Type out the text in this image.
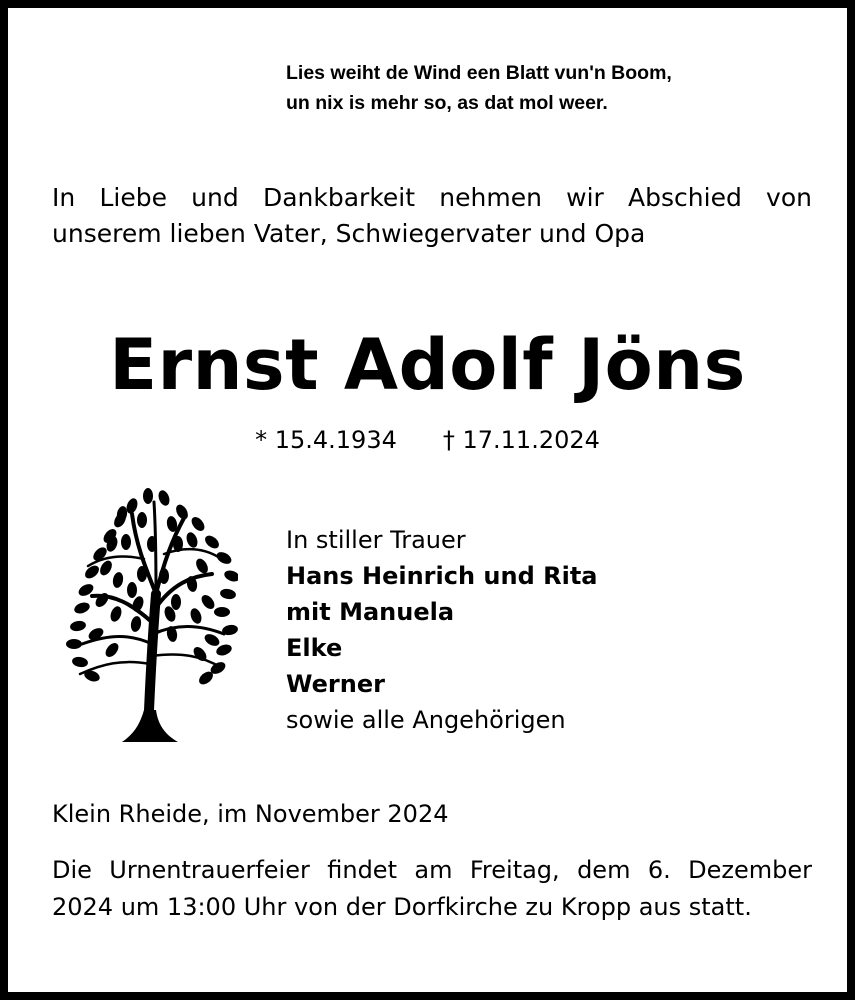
Lies weiht de Wind een Blatt vun'n Boom,
un nix is mehr so, as dat mol weer.
In Liebe und Dankbarkeit nehmen wir Abschied von unserem lieben Vater, Schwiegervater und Opa
Ernst Adolf Jöns
* 15.4.1934 † 17.11.2024
In stiller Trauer
Hans Heinrich und Rita
mit Manuela
Elke
Werner
sowie alle Angehörigen
Klein Rheide, im November 2024
Die Urnentrauerfeier findet am Freitag, dem 6. Dezember 2024 um 13:00 Uhr von der Dorfkirche zu Kropp aus statt.
